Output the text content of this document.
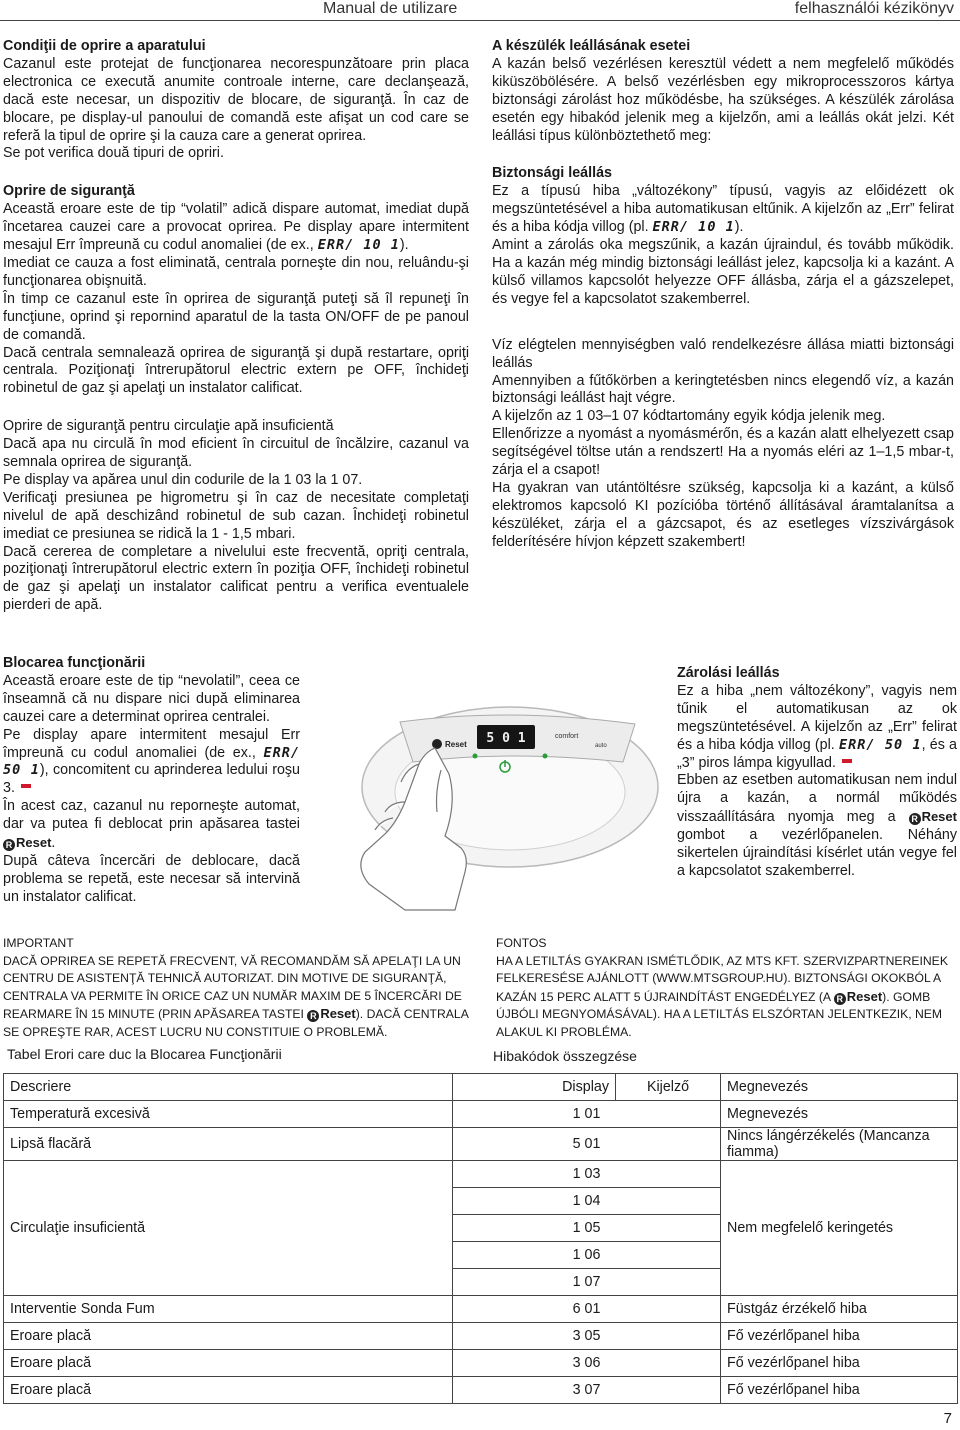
Manual de utilizare	felhasználói kézikönyv

Condiţii de oprire a aparatului

Cazanul este protejat de funcţionarea necorespunzătoare prin placa electronica ce execută anumite controale interne, care declanşează, dacă este necesar, un dispozitiv de blocare, de siguranţă. În caz de blocare, pe display-ul panoului de comandă este afişat un cod care se referă la tipul de oprire şi la cauza care a generat oprirea.

Se pot verifica două tipuri de opriri.

Oprire de siguranţă

Această eroare este de tip “volatil” adică dispare automat, imediat după încetarea cauzei care a provocat oprirea. Pe display apare intermitent mesajul Err împreună cu codul anomaliei (de ex., ERR/ 10 1).

Imediat ce cauza a fost eliminată, centrala porneşte din nou, reluându-şi funcţionarea obişnuită.

În timp ce cazanul este în oprirea de siguranţă puteţi să îl repuneţi în funcţiune, oprind şi repornind aparatul de la tasta ON/OFF de pe panoul de comandă.

Dacă centrala semnalează oprirea de siguranţă şi după restartare, opriţi centrala. Poziţionaţi întrerupătorul electric extern pe OFF, închideţi robinetul de gaz şi apelaţi un instalator calificat.

Oprire de siguranţă pentru circulaţie apă insuficientă

Dacă apa nu circulă în mod eficient în circuitul de încălzire, cazanul va semnala oprirea de siguranţă.

Pe display va apărea unul din codurile de la 1 03 la 1 07.

Verificaţi presiunea pe higrometru şi în caz de necesitate completaţi nivelul de apă deschizând robinetul de sub cazan. Închideţi robinetul imediat ce presiunea se ridică la 1 - 1,5 mbari.

Dacă cererea de completare a nivelului este frecventă, opriţi centrala, poziţionaţi întrerupătorul electric extern în poziţia OFF, închideţi robinetul de gaz şi apelaţi un instalator calificat pentru a verifica eventualele pierderi de apă.

A készülék leállásának esetei

A kazán belső vezérlésen keresztül védett a nem megfelelő működés kiküszöbölésére. A belső vezérlésben egy mikroprocesszoros kártya biztonsági zárolást hoz működésbe, ha szükséges. A készülék zárolása esetén egy hibakód jelenik meg a kijelzőn, ami a leállás okát jelzi. Két leállási típus különböztethető meg:

Biztonsági leállás

Ez a típusú hiba „változékony” típusú, vagyis az előidézett ok megszüntetésével a hiba automatikusan eltűnik. A kijelzőn az „Err” felirat és a hiba kódja villog (pl. ERR/ 10 1).

Amint a zárolás oka megszűnik, a kazán újraindul, és tovább működik. Ha a kazán még mindig biztonsági leállást jelez, kapcsolja ki a kazánt. A külső villamos kapcsolót helyezze OFF állásba, zárja el a gázszelepet, és vegye fel a kapcsolatot szakemberrel.

Víz elégtelen mennyiségben való rendelkezésre állása miatti biztonsági leállás

Amennyiben a fűtőkörben a keringtetésben nincs elegendő víz, a kazán biztonsági leállást hajt végre.

A kijelzőn az 1 03–1 07 kódtartomány egyik kódja jelenik meg.

Ellenőrizze a nyomást a nyomásmérőn, és a kazán alatt elhelyezett csap segítségével töltse után a rendszert! Ha a nyomás eléri az 1–1,5 mbar-t, zárja el a csapot!

Ha gyakran van utántöltésre szükség, kapcsolja ki a kazánt, a külső elektromos kapcsoló KI pozícióba történő állításával áramtalanítsa a készüléket, zárja el a gázcsapot, és az esetleges vízszivárgások felderítésére hívjon képzett szakembert!

Blocarea funcţionării

Această eroare este de tip “nevolatil”, ceea ce înseamnă că nu dispare nici după eliminarea cauzei care a determinat oprirea centralei.

Pe display apare intermitent mesajul Err împreună cu codul anomaliei (de ex., ERR/ 50 1), concomitent cu aprinderea ledului roşu 3.

În acest caz, cazanul nu reporneşte automat, dar va putea fi deblocat prin apăsarea tastei R Reset.

După câteva încercări de deblocare, dacă problema se repetă, este necesar să intervină un instalator calificat.

5 0 1
Reset
comfort
auto

Zárolási leállás

Ez a hiba „nem változékony”, vagyis nem tűnik el automatikusan az ok megszüntetésével. A kijelzőn az „Err” felirat és a hiba kódja villog (pl. ERR/ 50 1, és a „3” piros lámpa kigyullad.

Ebben az esetben automatikusan nem indul újra a kazán, a normál működés visszaállítására nyomja meg a R Reset gombot a vezérlőpanelen. Néhány sikertelen újraindítási kísérlet után vegye fel a kapcsolatot szakemberrel.

IMPORTANT

DACĂ OPRIREA SE REPETĂ FRECVENT, VĂ RECOMANDĂM SĂ APELAŢI LA UN CENTRU DE ASISTENŢĂ TEHNICĂ AUTORIZAT. DIN MOTIVE DE SIGURANŢĂ, CENTRALA VA PERMITE ÎN ORICE CAZ UN NUMĂR MAXIM DE 5 ÎNCERCĂRI DE REARMARE ÎN 15 MINUTE (PRIN APĂSAREA TASTEI R Reset). DACĂ CENTRALA SE OPREŞTE RAR, ACEST LUCRU NU CONSTITUIE O PROBLEMĂ.

FONTOS

HA A LETILTÁS GYAKRAN ISMÉTLŐDIK, AZ MTS KFT. SZERVIZPARTNEREINEK FELKERESÉSE AJÁNLOTT (WWW.MTSGROUP.HU). BIZTONSÁGI OKOKBÓL A KAZÁN 15 PERC ALATT 5 ÚJRAINDÍTÁST ENGEDÉLYEZ (A R Reset). GOMB ÚJBÓLI MEGNYOMÁSÁVAL). HA A LETILTÁS ELSZÓRTAN JELENTKEZIK, NEM ALAKUL KI PROBLÉMA.

Tabel Erori care duc la Blocarea Funcţionării	Hibakódok összegzése
Descriere	Display	Kijelző	Megnevezés
Temperatură excesivă	1 01		Megnevezés
Lipsă flacără	5 01		Nincs lángérzékelés (Mancanza fiamma)
Circulaţie insuficientă	1 03		Nem megfelelő keringetés
	1 04		
	1 05		
	1 06		
	1 07		
Interventie Sonda Fum	6 01		Füstgáz érzékelő hiba
Eroare placă	3 05		Fő vezérlőpanel hiba
Eroare placă	3 06		Fő vezérlőpanel hiba
Eroare placă	3 07		Fő vezérlőpanel hiba
7
